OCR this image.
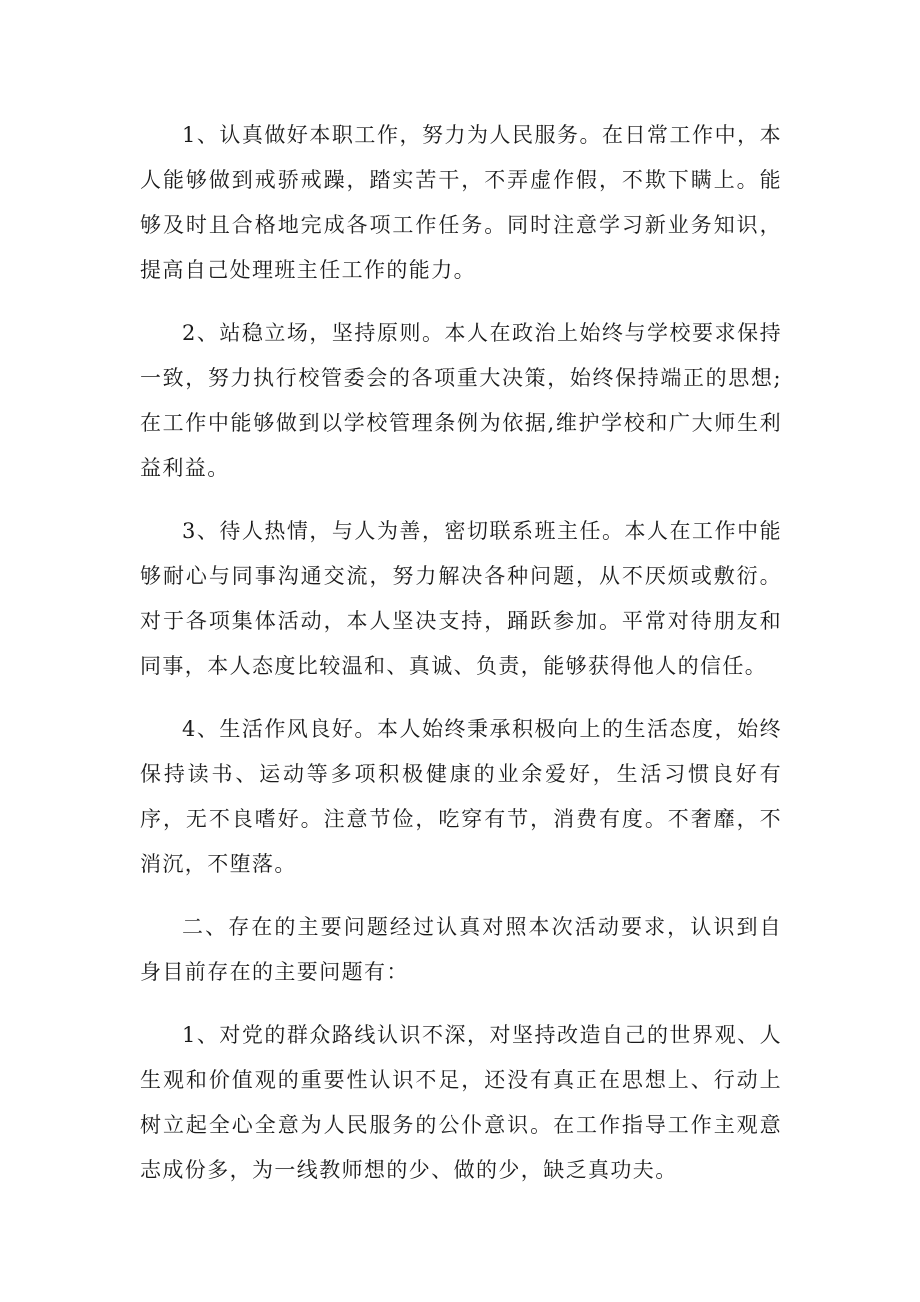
1、认真做好本职工作，努力为人民服务。在日常工作中，本人能够做到戒骄戒躁，踏实苦干，不弄虚作假，不欺下瞒上。能够及时且合格地完成各项工作任务。同时注意学习新业务知识，提高自己处理班主任工作的能力。

2、站稳立场，坚持原则。本人在政治上始终与学校要求保持一致，努力执行校管委会的各项重大决策，始终保持端正的思想;在工作中能够做到以学校管理条例为依据,维护学校和广大师生利益利益。

3、待人热情，与人为善，密切联系班主任。本人在工作中能够耐心与同事沟通交流，努力解决各种问题，从不厌烦或敷衍。对于各项集体活动，本人坚决支持，踊跃参加。平常对待朋友和同事，本人态度比较温和、真诚、负责，能够获得他人的信任。

4、生活作风良好。本人始终秉承积极向上的生活态度，始终保持读书、运动等多项积极健康的业余爱好，生活习惯良好有序，无不良嗜好。注意节俭，吃穿有节，消费有度。不奢靡，不消沉，不堕落。

二、存在的主要问题经过认真对照本次活动要求，认识到自身目前存在的主要问题有：

1、对党的群众路线认识不深，对坚持改造自己的世界观、人生观和价值观的重要性认识不足，还没有真正在思想上、行动上树立起全心全意为人民服务的公仆意识。在工作指导工作主观意志成份多，为一线教师想的少、做的少，缺乏真功夫。
